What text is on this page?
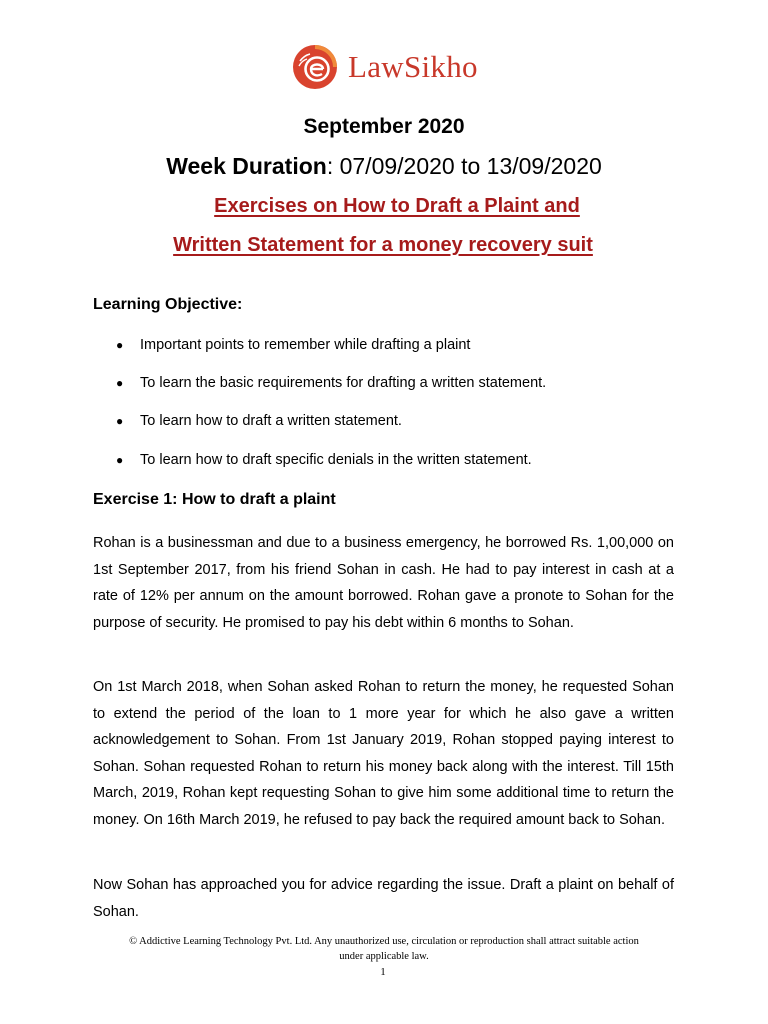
LawSikho
September 2020
Week Duration: 07/09/2020 to 13/09/2020
Exercises on How to Draft a Plaint and
Written Statement for a money recovery suit
Learning Objective:
● Important points to remember while drafting a plaint
● To learn the basic requirements for drafting a written statement.
● To learn how to draft a written statement.
● To learn how to draft specific denials in the written statement.
Exercise 1: How to draft a plaint

Rohan is a businessman and due to a business emergency, he borrowed Rs. 1,00,000 on 1st September 2017, from his friend Sohan in cash. He had to pay interest in cash at a rate of 12% per annum on the amount borrowed. Rohan gave a pronote to Sohan for the purpose of security. He promised to pay his debt within 6 months to Sohan.

On 1st March 2018, when Sohan asked Rohan to return the money, he requested Sohan to extend the period of the loan to 1 more year for which he also gave a written acknowledgement to Sohan. From 1st January 2019, Rohan stopped paying interest to Sohan. Sohan requested Rohan to return his money back along with the interest. Till 15th March, 2019, Rohan kept requesting Sohan to give him some additional time to return the money. On 16th March 2019, he refused to pay back the required amount back to Sohan.

Now Sohan has approached you for advice regarding the issue. Draft a plaint on behalf of Sohan.

© Addictive Learning Technology Pvt. Ltd. Any unauthorized use, circulation or reproduction shall attract suitable action under applicable law.
1
